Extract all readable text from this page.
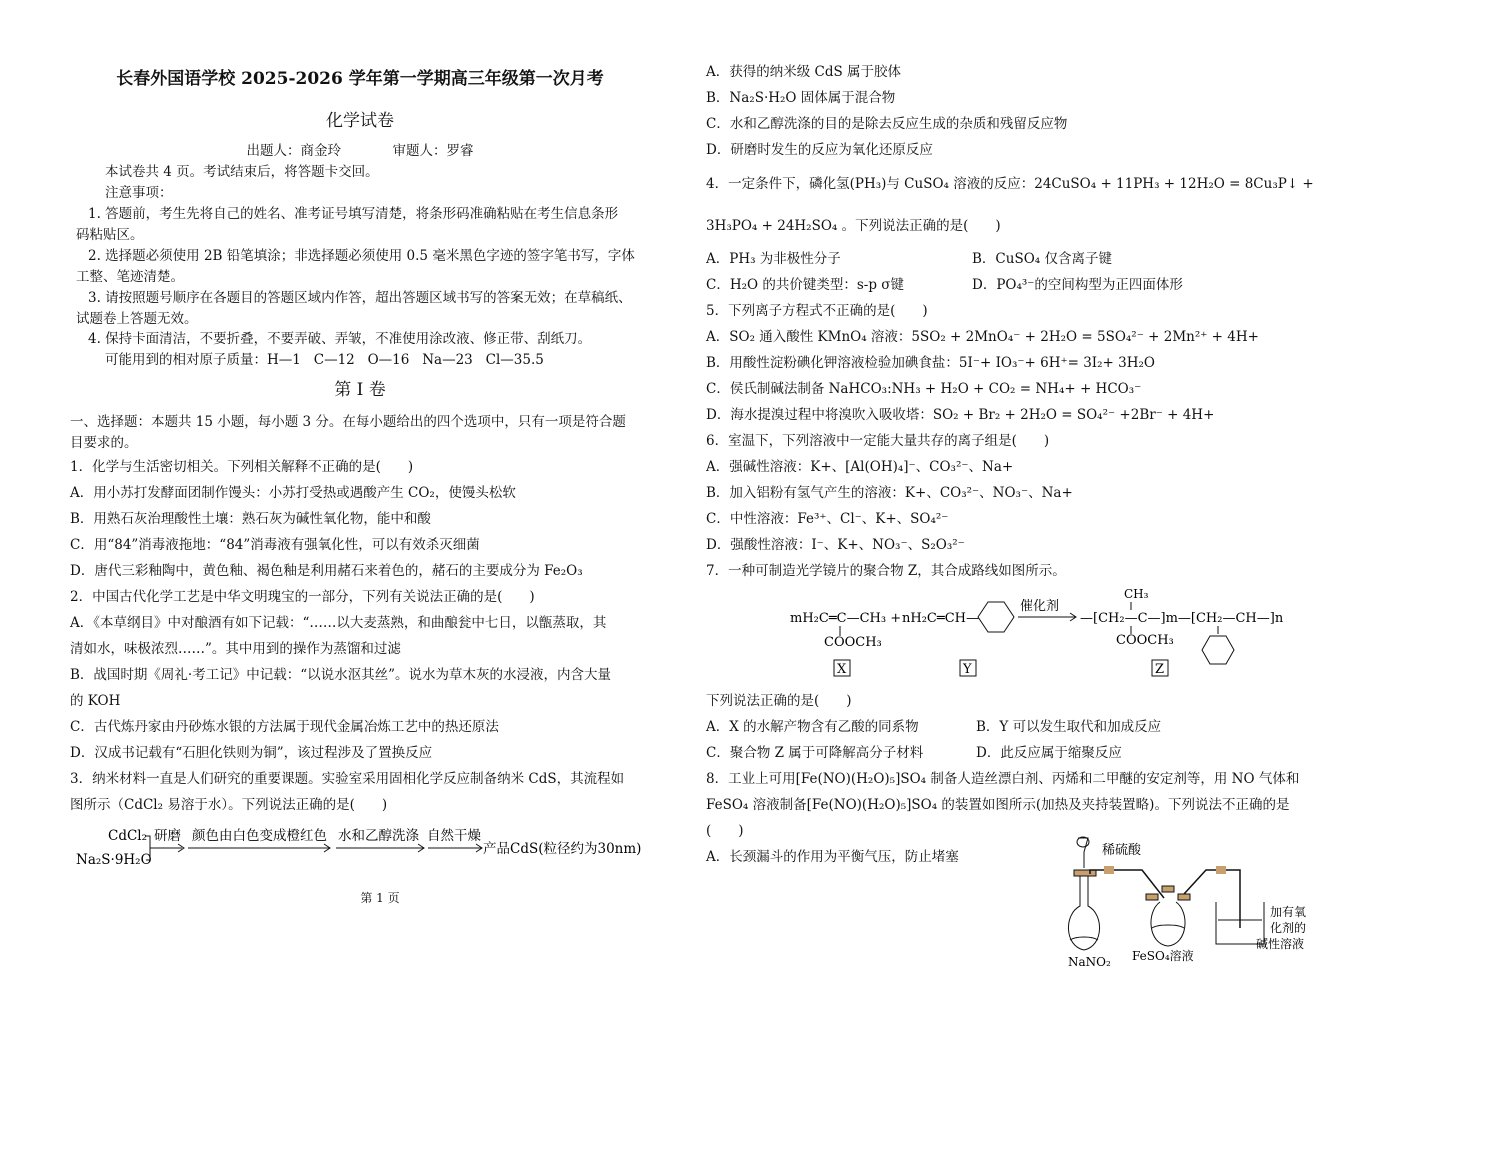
长春外国语学校 2025-2026 学年第一学期高三年级第一次月考
化学试卷
出题人：商金玲            审题人：罗睿
本试卷共 4 页。考试结束后，将答题卡交回。
注意事项：
1. 答题前，考生先将自己的姓名、准考证号填写清楚，将条形码准确粘贴在考生信息条形
码粘贴区。
2. 选择题必须使用 2B 铅笔填涂；非选择题必须使用 0.5 毫米黑色字迹的签字笔书写，字体
工整、笔迹清楚。
3. 请按照题号顺序在各题目的答题区域内作答，超出答题区域书写的答案无效；在草稿纸、
试题卷上答题无效。
4. 保持卡面清洁，不要折叠，不要弄破、弄皱，不准使用涂改液、修正带、刮纸刀。
可能用到的相对原子质量：H—1   C—12   O—16   Na—23   Cl—35.5
第 I 卷
一、选择题：本题共 15 小题，每小题 3 分。在每小题给出的四个选项中，只有一项是符合题
目要求的。
1．化学与生活密切相关。下列相关解释不正确的是(　　)
A．用小苏打发酵面团制作馒头：小苏打受热或遇酸产生 CO₂，使馒头松软
B．用熟石灰治理酸性土壤：熟石灰为碱性氧化物，能中和酸
C．用“84”消毒液拖地：“84”消毒液有强氧化性，可以有效杀灭细菌
D．唐代三彩釉陶中，黄色釉、褐色釉是利用赭石来着色的，赭石的主要成分为 Fe₂O₃
2．中国古代化学工艺是中华文明瑰宝的一部分，下列有关说法正确的是(　　)
A．《本草纲目》中对酿酒有如下记载：“……以大麦蒸熟，和曲酿瓮中七日，以甑蒸取，其
清如水，味极浓烈……”。其中用到的操作为蒸馏和过滤
B．战国时期《周礼·考工记》中记载：“以说水沤其丝”。说水为草木灰的水浸液，内含大量
的 KOH
C．古代炼丹家由丹砂炼水银的方法属于现代金属冶炼工艺中的热还原法
D．汉成书记载有“石胆化铁则为铜”，该过程涉及了置换反应
3．纳米材料一直是人们研究的重要课题。实验室采用固相化学反应制备纳米 CdS，其流程如
图所示（CdCl₂ 易溶于水）。下列说法正确的是(　　)
CdCl₂
Na₂S·9H₂O
研磨 颜色由白色变成橙红色 水和乙醇洗涤 自然干燥
产品CdS(粒径约为30nm)
第 1 页
A．获得的纳米级 CdS 属于胶体
B．Na₂S·H₂O 固体属于混合物
C．水和乙醇洗涤的目的是除去反应生成的杂质和残留反应物
D．研磨时发生的反应为氧化还原反应
4．一定条件下，磷化氢(PH₃)与 CuSO₄ 溶液的反应：24CuSO₄ + 11PH₃ + 12H₂O = 8Cu₃P↓ +
3H₃PO₄ + 24H₂SO₄ 。下列说法正确的是(　　)
A．PH₃ 为非极性分子	B．CuSO₄ 仅含离子键
C．H₂O 的共价键类型：s-p σ键	D．PO₄³⁻的空间构型为正四面体形
5．下列离子方程式不正确的是(　　)
A．SO₂ 通入酸性 KMnO₄ 溶液：5SO₂ + 2MnO₄⁻ + 2H₂O = 5SO₄²⁻ + 2Mn²⁺ + 4H+
B．用酸性淀粉碘化钾溶液检验加碘食盐：5I⁻+ IO₃⁻+ 6H⁺= 3I₂+ 3H₂O
C．侯氏制碱法制备 NaHCO₃:NH₃ + H₂O + CO₂ = NH₄+ + HCO₃⁻
D．海水提溴过程中将溴吹入吸收塔：SO₂ + Br₂ + 2H₂O = SO₄²⁻ +2Br⁻ + 4H+
6．室温下，下列溶液中一定能大量共存的离子组是(　　)
A．强碱性溶液：K+、[Al(OH)₄]⁻、CO₃²⁻、Na+
B．加入铝粉有氢气产生的溶液：K+、CO₃²⁻、NO₃⁻、Na+
C．中性溶液：Fe³⁺、Cl⁻、K+、SO₄²⁻
D．强酸性溶液：I⁻、K+、NO₃⁻、S₂O₃²⁻
7．一种可制造光学镜片的聚合物 Z，其合成路线如图所示。
下列说法正确的是(　　)
A．X 的水解产物含有乙酸的同系物	B．Y 可以发生取代和加成反应
C．聚合物 Z 属于可降解高分子材料	D．此反应属于缩聚反应
8．工业上可用[Fe(NO)(H₂O)₅]SO₄ 制备人造丝漂白剂、丙烯和二甲醚的安定剂等，用 NO 气体和
FeSO₄ 溶液制备[Fe(NO)(H₂O)₅]SO₄ 的装置如图所示(加热及夹持装置略)。下列说法不正确的是
(　　)
A．长颈漏斗的作用为平衡气压，防止堵塞
mH₂C═C—CH₃ +
COOCH₃
nH₂C═CH—
催化剂
CH₃
—[CH₂—C—]m—[CH₂—CH—]n
COOCH₃
X	Y	Z
稀硫酸
NaNO₂ FeSO₄溶液
加有氧
化剂的
碱性溶液
